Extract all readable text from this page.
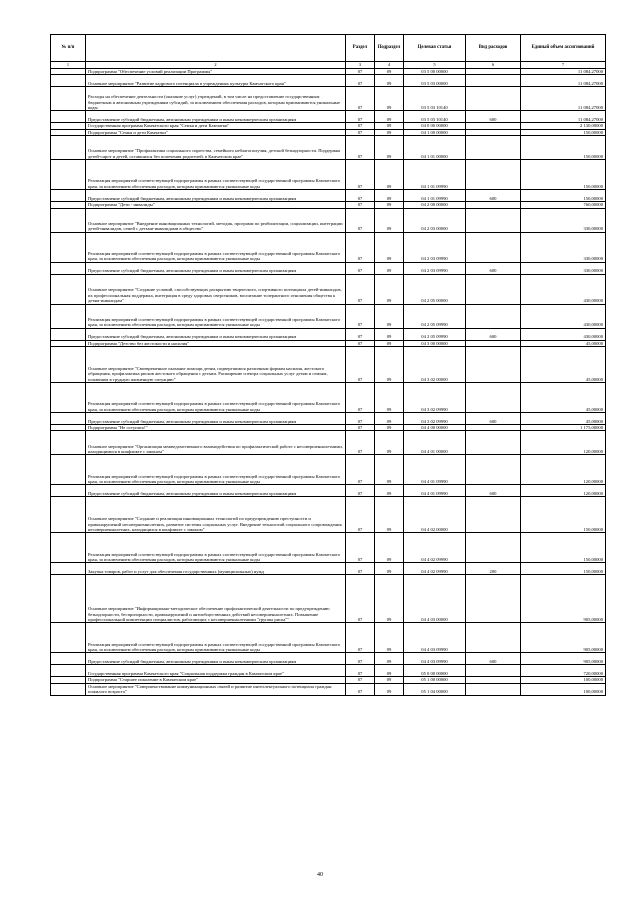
№ п/п		Раздел	Подраздел	Целевая статья	Вид расходов	Единый объем ассигнований
1	2	3	4	5	6	7
	Подпрограмма "Обеспечение условий реализации Программы"	07	09	03 5 00 00000		11 084,27000
	Основное мероприятие "Развитие кадрового потенциала в учреждениях культуры Камчатского края"	07	09	03 5 03 00000		11 084,27000
	Расходы на обеспечение деятельности (оказание услуг) учреждений, в том числе на предоставление государственным бюджетным и автономным учреждениям субсидий, за исключением обеспечения расходов, которым присваиваются уникальные коды	07	09	03 5 03 10140		11 084,27000
	Предоставление субсидий бюджетным, автономным учреждениям и иным некоммерческим организациям	07	09	03 5 03 10140	600	11 084,27000
	Государственная программа Камчатского края "Семья и дети Камчатки"	07	09	04 0 00 00000		2 130,00000
	Подпрограмма "Семья и дети Камчатки"	07	09	04 1 00 00000		150,00000
	Основное мероприятие "Профилактика социального сиротства, семейного неблагополучия, детской безнадзорности. Поддержка детей-сирот и детей, оставшихся без попечения родителей, в Камчатском крае"	07	09	04 1 01 00000		150,00000
	Реализация мероприятий соответствующей подпрограммы в рамках соответствующей государственной программы Камчатского края, за исключением обеспечения расходов, которым присваиваются уникальные коды	07	09	04 1 01 09990		150,00000
	Предоставление субсидий бюджетным, автономным учреждениям и иным некоммерческим организациям	07	09	04 1 01 09990	600	150,00000
	Подпрограмма "Дети - инвалиды"	07	09	04 2 00 00000		760,00000
	Основное мероприятие "Внедрение инновационных технологий, методик, программ по реабилитации, социализации, интеграции детей-инвалидов, семей с детьми-инвалидами в общество"	07	09	04 2 03 00000		330,00000
	Реализация мероприятий соответствующей подпрограммы в рамках соответствующей государственной программы Камчатского края, за исключением обеспечения расходов, которым присваиваются уникальные коды	07	09	04 2 03 09990		330,00000
	Предоставление субсидий бюджетным, автономным учреждениям и иным некоммерческим организациям	07	09	04 2 03 09990	600	330,00000
	Основное мероприятие "Создание условий, способствующих раскрытию творческого, спортивного потенциала детей-инвалидов, их профессиональная поддержка, интеграция в среду здоровых сверстников, воспитание толерантного отношения общества к детям-инвалидам"	07	09	04 2 05 00000		430,00000
	Реализация мероприятий соответствующей подпрограммы в рамках соответствующей государственной программы Камчатского края, за исключением обеспечения расходов, которым присваиваются уникальные коды	07	09	04 2 05 09990		430,00000
	Предоставление субсидий бюджетным, автономным учреждениям и иным некоммерческим организациям	07	09	04 2 05 09990	600	430,00000
	Подпрограмма "Детство без жестокости и насилия"	07	09	04 3 00 00000		45,00000
	Основное мероприятие "Своевременное оказание помощи детям, подвергшимся различным формам насилия, жестокого обращения, профилактика рисков жестокого обращения с детьми. Расширение спектра социальных услуг детям и семьям, попавшим в трудную жизненную ситуацию"	07	09	04 3 02 00000		45,00000
	Реализация мероприятий соответствующей подпрограммы в рамках соответствующей государственной программы Камчатского края, за исключением обеспечения расходов, которым присваиваются уникальные коды	07	09	04 3 02 09990		45,00000
	Предоставление субсидий бюджетным, автономным учреждениям и иным некоммерческим организациям	07	09	04 3 02 09990	600	45,00000
	Подпрограмма "Не оступись!"	07	09	04 4 00 00000		1 175,00000
	Основное мероприятие "Организация межведомственного взаимодействия по профилактической работе с несовершеннолетними, находящимися в конфликте с законом"	07	09	04 4 01 00000		120,00000
	Реализация мероприятий соответствующей подпрограммы в рамках соответствующей государственной программы Камчатского края, за исключением обеспечения расходов, которым присваиваются уникальные коды	07	09	04 4 01 09990		120,00000
	Предоставление субсидий бюджетным, автономным учреждениям и иным некоммерческим организациям	07	09	04 4 01 09990	600	120,00000
	Основное мероприятие "Создание и реализация инновационных технологий по предупреждению преступности и правонарушений несовершеннолетних, развитие системы социальных услуг. Внедрение технологий социального сопровождения несовершеннолетних, находящихся в конфликте с законом"	07	09	04 4 02 00000		150,00000
	Реализация мероприятий соответствующей подпрограммы в рамках соответствующей государственной программы Камчатского края, за исключением обеспечения расходов, которым присваиваются уникальные коды	07	09	04 4 02 09990		150,00000
	Закупка товаров, работ и услуг для обеспечения государственных (муниципальных) нужд	07	09	04 4 02 09990	200	150,00000
	Основное мероприятие "Информационно-методическое обеспечение профилактической деятельности по предупреждению безнадзорности, беспризорности, правонарушений и антиобщественных действий несовершеннолетних. Повышение профессиональной компетенции специалистов, работающих с несовершеннолетними "группы риска""	07	09	04 4 03 00000		905,00000
	Реализация мероприятий соответствующей подпрограммы в рамках соответствующей государственной программы Камчатского края, за исключением обеспечения расходов, которым присваиваются уникальные коды	07	09	04 4 03 09990		905,00000
	Предоставление субсидий бюджетным, автономным учреждениям и иным некоммерческим организациям	07	09	04 4 03 09990	600	905,00000
	Государственная программа Камчатского края "Социальная поддержка граждан в Камчатском крае"	07	09	05 0 00 00000		720,00000
	Подпрограмма "Старшее поколение в Камчатском крае"	07	09	05 1 00 00000		100,00000
	Основное мероприятие "Совершенствование коммуникационных связей и развитие интеллектуального потенциала граждан пожилого возраста"	07	09	05 1 04 00000		100,00000
40
